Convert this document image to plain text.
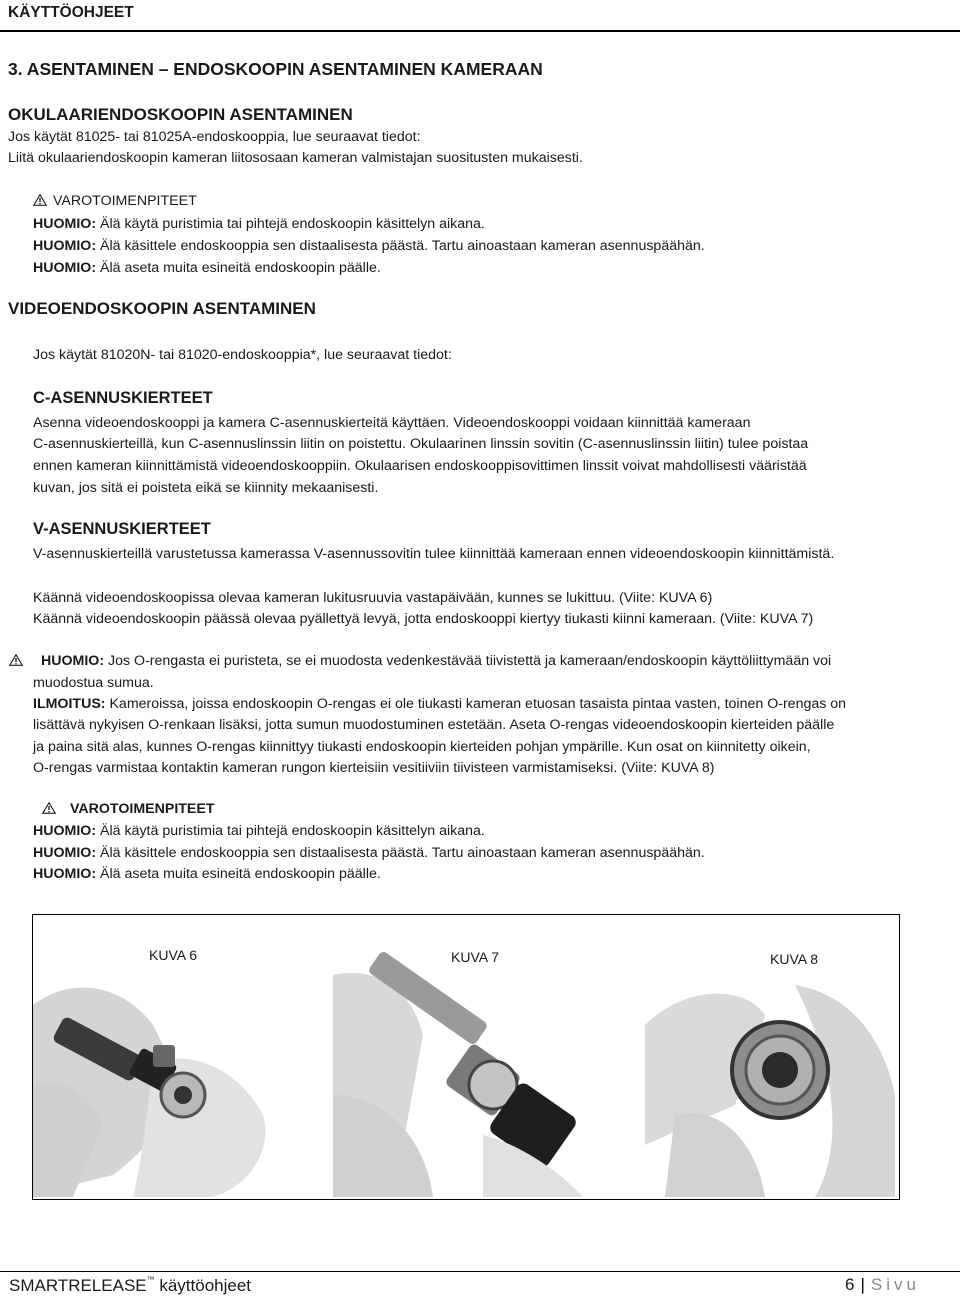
KÄYTTÖOHJEET
3. ASENTAMINEN – ENDOSKOOPIN ASENTAMINEN KAMERAAN
OKULAARIENDOSKOOPIN ASENTAMINEN
Jos käytät 81025- tai 81025A-endoskooppia, lue seuraavat tiedot:
Liitä okulaariendoskoopin kameran liitososaan kameran valmistajan suositusten mukaisesti.
VAROTOIMENPITEET
HUOMIO: Älä käytä puristimia tai pihtejä endoskoopin käsittelyn aikana.
HUOMIO: Älä käsittele endoskooppia sen distaalisesta päästä. Tartu ainoastaan kameran asennuspäähän.
HUOMIO: Älä aseta muita esineitä endoskoopin päälle.
VIDEOENDOSKOOPIN ASENTAMINEN
Jos käytät 81020N- tai 81020-endoskooppia*, lue seuraavat tiedot:
C-ASENNUSKIERTEET
Asenna videoendoskooppi ja kamera C-asennuskierteitä käyttäen. Videoendoskooppi voidaan kiinnittää kameraan
C-asennuskierteillä, kun C-asennuslinssin liitin on poistettu. Okulaarinen linssin sovitin (C-asennuslinssin liitin) tulee poistaa
ennen kameran kiinnittämistä videoendoskooppiin. Okulaarisen endoskooppisovittimen linssit voivat mahdollisesti vääristää
kuvan, jos sitä ei poisteta eikä se kiinnity mekaanisesti.
V-ASENNUSKIERTEET
V-asennuskierteillä varustetussa kamerassa V-asennussovitin tulee kiinnittää kameraan ennen videoendoskoopin kiinnittämistä.
Käännä videoendoskoopissa olevaa kameran lukitusruuvia vastapäivään, kunnes se lukittuu. (Viite: KUVA 6)
Käännä videoendoskoopin päässä olevaa pyällettyä levyä, jotta endoskooppi kiertyy tiukasti kiinni kameraan. (Viite: KUVA 7)
HUOMIO: Jos O-rengasta ei puristeta, se ei muodosta vedenkestävää tiivistettä ja kameraan/endoskoopin käyttöliittymään voi
muodostua sumua.
ILMOITUS: Kameroissa, joissa endoskoopin O-rengas ei ole tiukasti kameran etuosan tasaista pintaa vasten, toinen O-rengas on
lisättävä nykyisen O-renkaan lisäksi, jotta sumun muodostuminen estetään. Aseta O-rengas videoendoskoopin kierteiden päälle
ja paina sitä alas, kunnes O-rengas kiinnittyy tiukasti endoskoopin kierteiden pohjan ympärille. Kun osat on kiinnitetty oikein,
O-rengas varmistaa kontaktin kameran rungon kierteisiin vesitiiviin tiivisteen varmistamiseksi. (Viite: KUVA 8)
VAROTOIMENPITEET
HUOMIO: Älä käytä puristimia tai pihtejä endoskoopin käsittelyn aikana.
HUOMIO: Älä käsittele endoskooppia sen distaalisesta päästä. Tartu ainoastaan kameran asennuspäähän.
HUOMIO: Älä aseta muita esineitä endoskoopin päälle.
KUVA 6	KUVA 7	KUVA 8
SMARTRELEASE™ käyttöohjeet	6 | Sivu
